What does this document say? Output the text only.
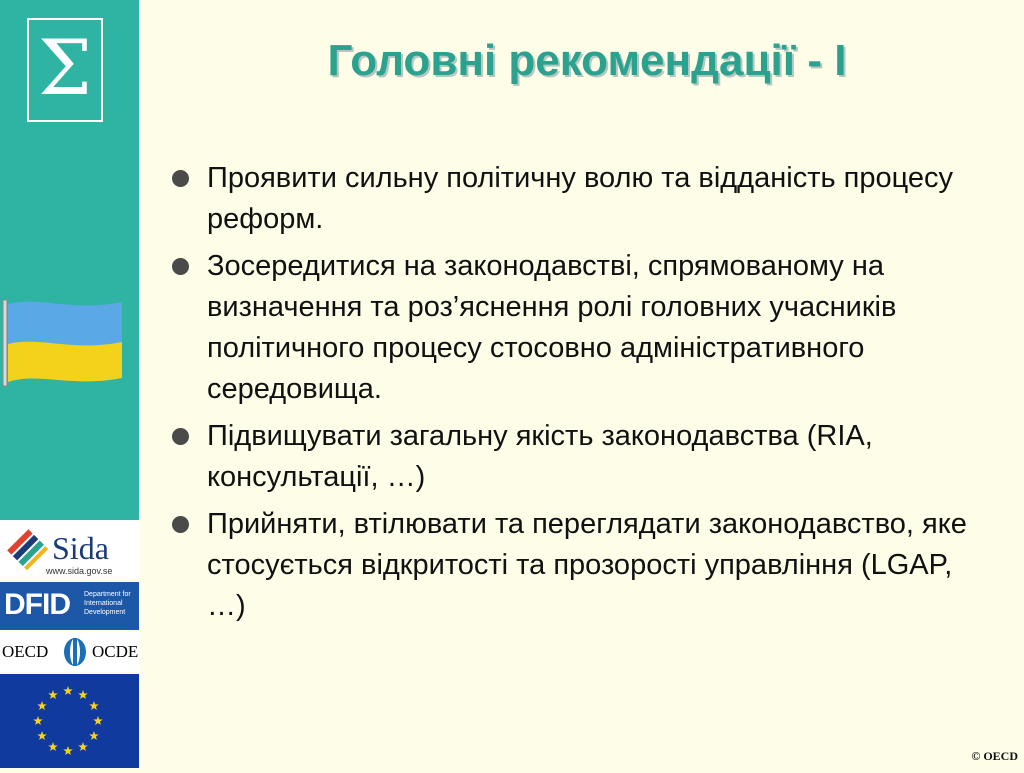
Σ
Sida
www.sida.gov.se
DFID Department for International Development
OECD	OCDE
Головні рекомендації - І
Проявити сильну політичну волю та відданість процесу реформ.
Зосередитися на законодавстві, спрямованому на визначення та роз’яснення ролі головних учасників політичного процесу стосовно адміністративного середовища.
Підвищувати загальну якість законодавства (RIA, консультації, …)
Прийняти, втілювати та переглядати законодавство, яке стосується відкритості та прозорості управління (LGAP, …)
© OECD
